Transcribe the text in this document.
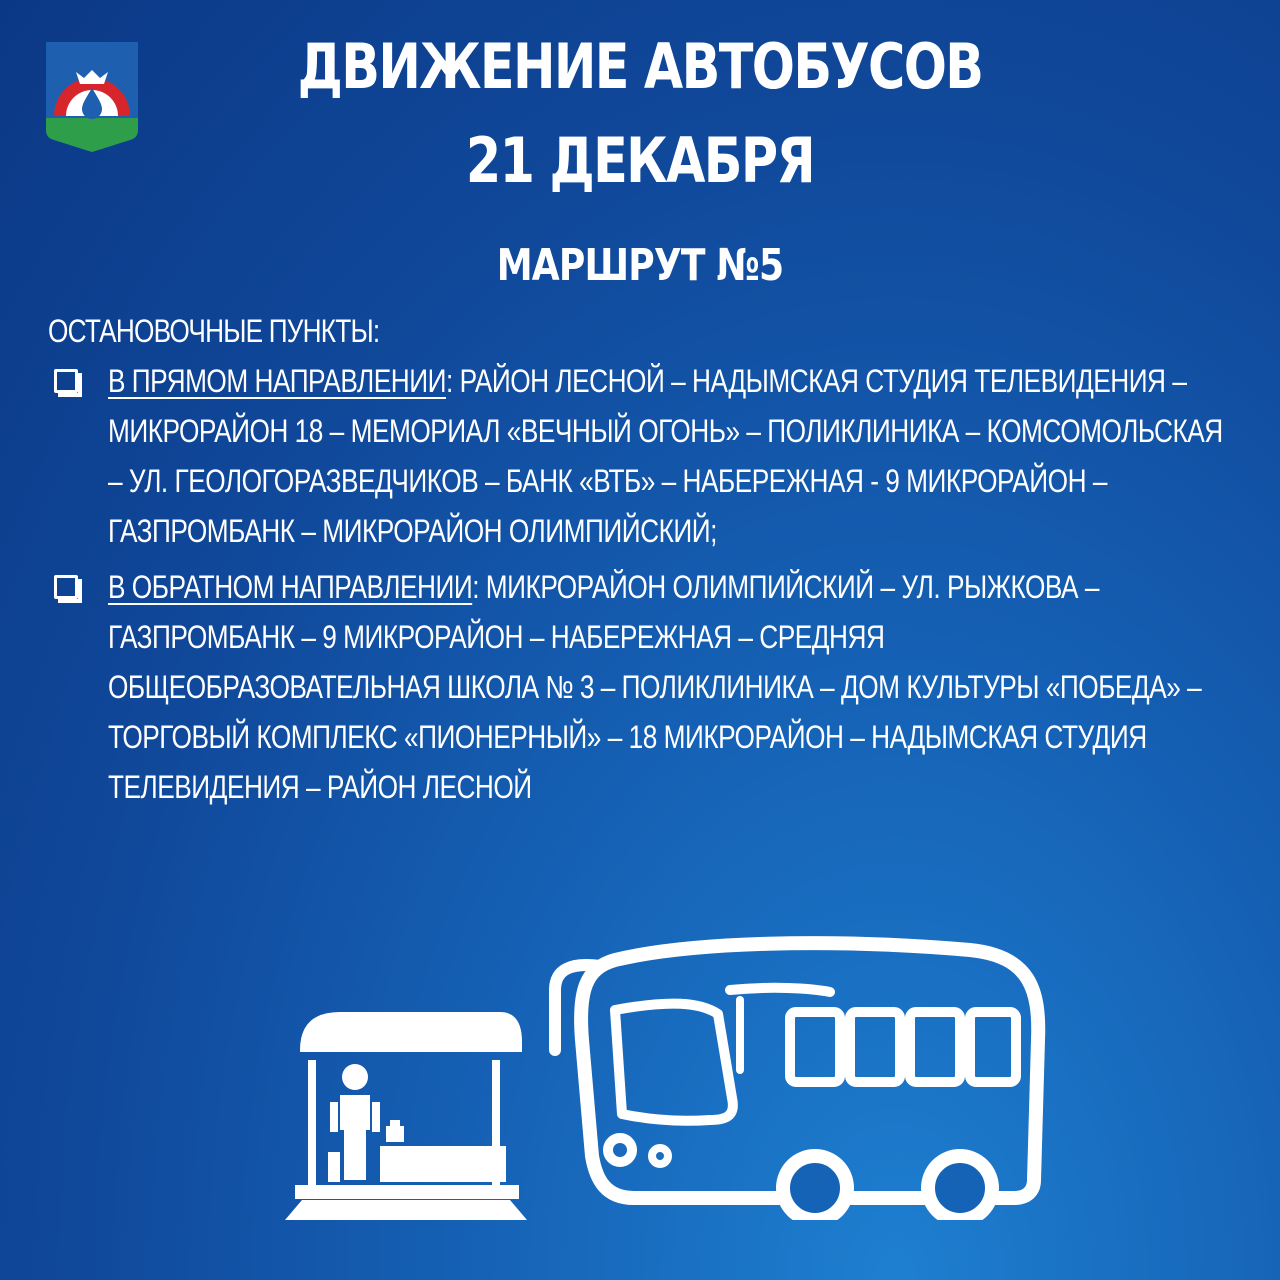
ДВИЖЕНИЕ АВТОБУСОВ
21 ДЕКАБРЯ
МАРШРУТ №5
ОСТАНОВОЧНЫЕ ПУНКТЫ:
В ПРЯМОМ НАПРАВЛЕНИИ: РАЙОН ЛЕСНОЙ – НАДЫМСКАЯ СТУДИЯ ТЕЛЕВИДЕНИЯ – МИКРОРАЙОН 18 – МЕМОРИАЛ «ВЕЧНЫЙ ОГОНЬ» – ПОЛИКЛИНИКА – КОМСОМОЛЬСКАЯ – УЛ. ГЕОЛОГОРАЗВЕДЧИКОВ – БАНК «ВТБ» – НАБЕРЕЖНАЯ - 9 МИКРОРАЙОН – ГАЗПРОМБАНК – МИКРОРАЙОН ОЛИМПИЙСКИЙ;
В ОБРАТНОМ НАПРАВЛЕНИИ: МИКРОРАЙОН ОЛИМПИЙСКИЙ – УЛ. РЫЖКОВА – ГАЗПРОМБАНК – 9 МИКРОРАЙОН – НАБЕРЕЖНАЯ – СРЕДНЯЯ ОБЩЕОБРАЗОВАТЕЛЬНАЯ ШКОЛА № 3 – ПОЛИКЛИНИКА – ДОМ КУЛЬТУРЫ «ПОБЕДА» – ТОРГОВЫЙ КОМПЛЕКС «ПИОНЕРНЫЙ» – 18 МИКРОРАЙОН – НАДЫМСКАЯ СТУДИЯ ТЕЛЕВИДЕНИЯ – РАЙОН ЛЕСНОЙ
